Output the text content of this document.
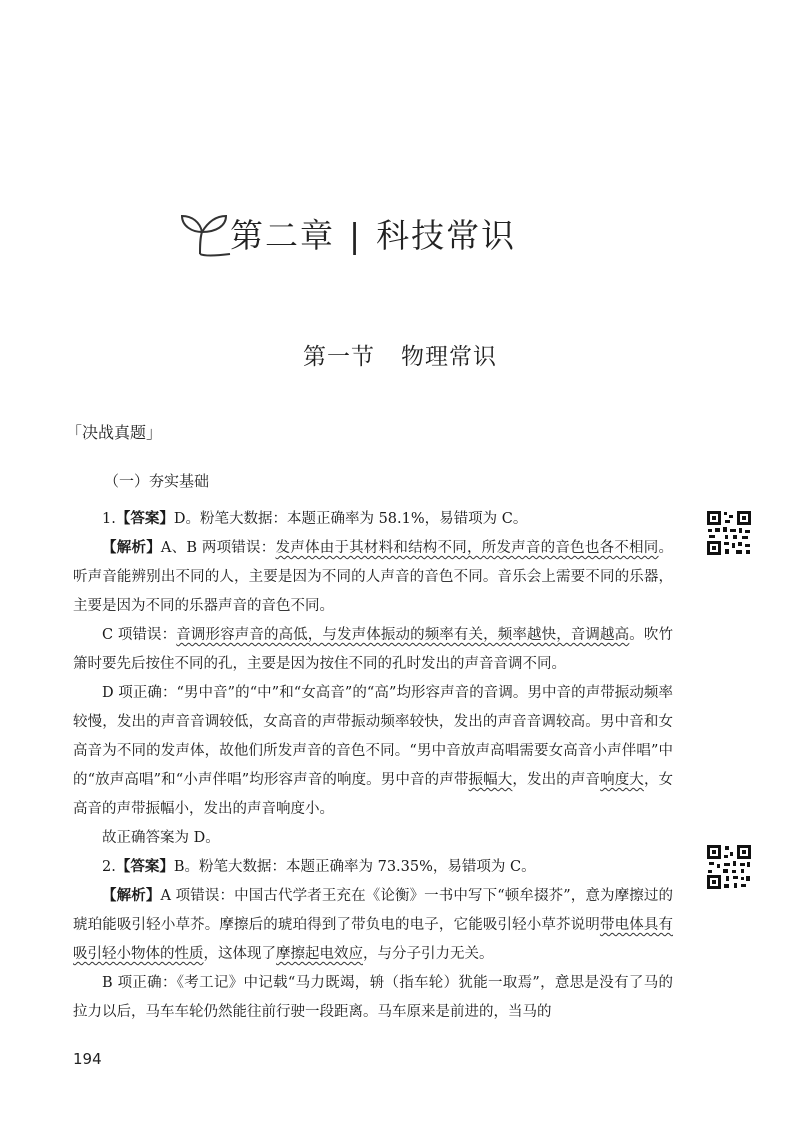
第二章 | 科技常识
第一节 物理常识
「决战真题」
（一）夯实基础

1.【答案】D。粉笔大数据：本题正确率为 58.1%，易错项为 C。

【解析】A、B 两项错误：发声体由于其材料和结构不同，所发声音的音色也各不相同。听声音能辨别出不同的人，主要是因为不同的人声音的音色不同。音乐会上需要不同的乐器，主要是因为不同的乐器声音的音色不同。

C 项错误：音调形容声音的高低，与发声体振动的频率有关，频率越快，音调越高。吹竹箫时要先后按住不同的孔，主要是因为按住不同的孔时发出的声音音调不同。

D 项正确：“男中音”的“中”和“女高音”的“高”均形容声音的音调。男中音的声带振动频率较慢，发出的声音音调较低，女高音的声带振动频率较快，发出的声音音调较高。男中音和女高音为不同的发声体，故他们所发声音的音色不同。“男中音放声高唱需要女高音小声伴唱”中的“放声高唱”和“小声伴唱”均形容声音的响度。男中音的声带振幅大，发出的声音响度大，女高音的声带振幅小，发出的声音响度小。

故正确答案为 D。

2.【答案】B。粉笔大数据：本题正确率为 73.35%，易错项为 C。

【解析】A 项错误：中国古代学者王充在《论衡》一书中写下“顿牟掇芥”，意为摩擦过的琥珀能吸引轻小草芥。摩擦后的琥珀得到了带负电的电子，它能吸引轻小草芥说明带电体具有吸引轻小物体的性质，这体现了摩擦起电效应，与分子引力无关。

B 项正确：《考工记》中记载“马力既竭，辀（指车轮）犹能一取焉”，意思是没有了马的拉力以后，马车车轮仍然能往前行驶一段距离。马车原来是前进的，当马的

194
